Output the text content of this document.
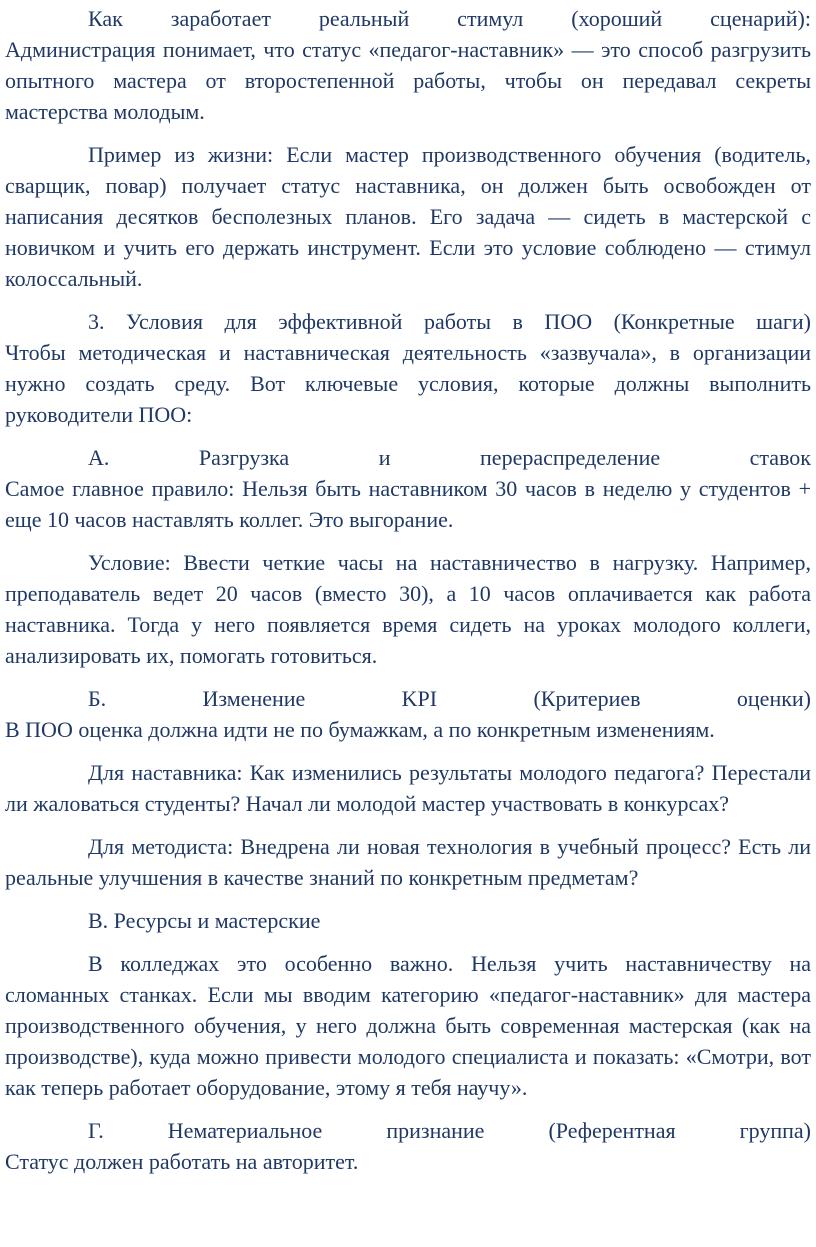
Как заработает реальный стимул (хороший сценарий):
Администрация понимает, что статус «педагог-наставник» — это способ разгрузить опытного мастера от второстепенной работы, чтобы он передавал секреты мастерства молодым.

Пример из жизни: Если мастер производственного обучения (водитель, сварщик, повар) получает статус наставника, он должен быть освобожден от написания десятков бесполезных планов. Его задача — сидеть в мастерской с новичком и учить его держать инструмент. Если это условие соблюдено — стимул колоссальный.

3. Условия для эффективной работы в ПОО (Конкретные шаги)
Чтобы методическая и наставническая деятельность «зазвучала», в организации нужно создать среду. Вот ключевые условия, которые должны выполнить руководители ПОО:

А. Разгрузка и перераспределение ставок
Самое главное правило: Нельзя быть наставником 30 часов в неделю у студентов + еще 10 часов наставлять коллег. Это выгорание.

Условие: Ввести четкие часы на наставничество в нагрузку. Например, преподаватель ведет 20 часов (вместо 30), а 10 часов оплачивается как работа наставника. Тогда у него появляется время сидеть на уроках молодого коллеги, анализировать их, помогать готовиться.

Б. Изменение KPI (Критериев оценки)
В ПОО оценка должна идти не по бумажкам, а по конкретным изменениям.

Для наставника: Как изменились результаты молодого педагога? Перестали ли жаловаться студенты? Начал ли молодой мастер участвовать в конкурсах?

Для методиста: Внедрена ли новая технология в учебный процесс? Есть ли реальные улучшения в качестве знаний по конкретным предметам?

В. Ресурсы и мастерские

В колледжах это особенно важно. Нельзя учить наставничеству на сломанных станках. Если мы вводим категорию «педагог-наставник» для мастера производственного обучения, у него должна быть современная мастерская (как на производстве), куда можно привести молодого специалиста и показать: «Смотри, вот как теперь работает оборудование, этому я тебя научу».

Г. Нематериальное признание (Референтная группа)
Статус должен работать на авторитет.
